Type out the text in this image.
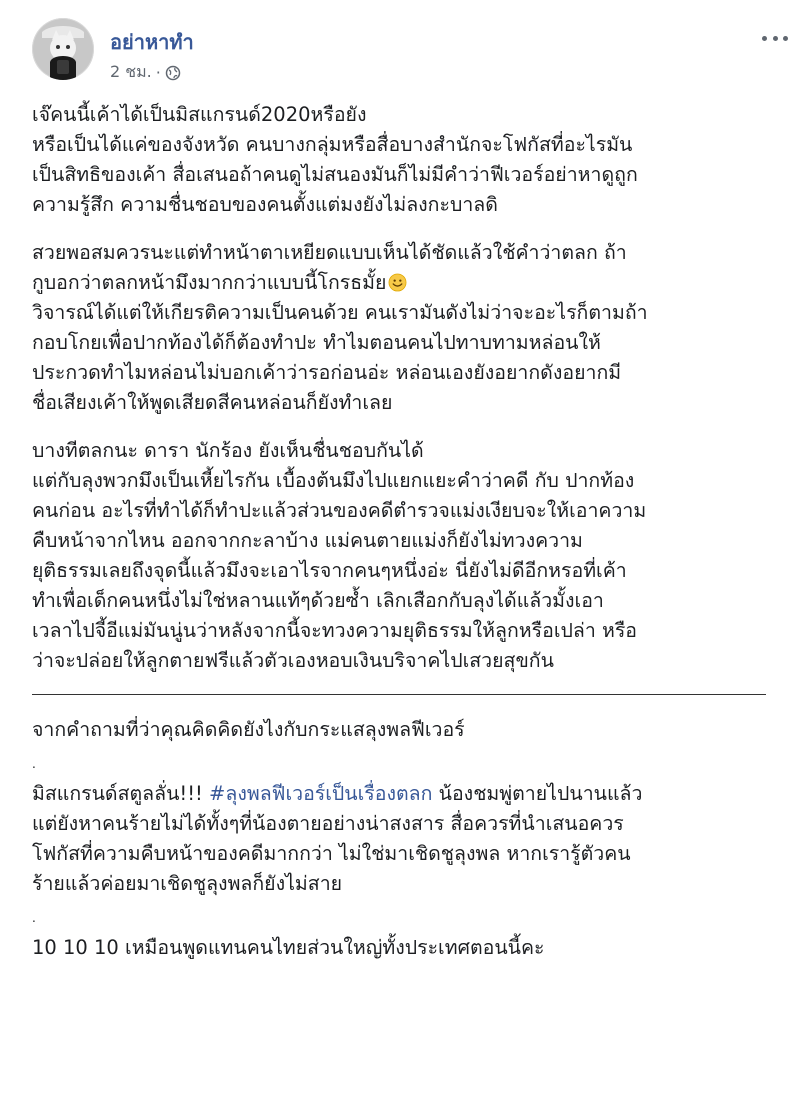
อย่าหาทำ
2 ชม. ·

เจ๊คนนี้เค้าได้เป็นมิสแกรนด์2020หรือยัง
หรือเป็นได้แค่ของจังหวัด คนบางกลุ่มหรือสื่อบางสำนักจะโฟกัสที่อะไรมัน
เป็นสิทธิของเค้า สื่อเสนอถ้าคนดูไม่สนองมันก็ไม่มีคำว่าฟีเวอร์อย่าหาดูถูก
ความรู้สึก ความชื่นชอบของคนตั้งแต่มงยังไม่ลงกะบาลดิ

สวยพอสมควรนะแต่ทำหน้าตาเหยียดแบบเห็นได้ชัดแล้วใช้คำว่าตลก ถ้า
กูบอกว่าตลกหน้ามึงมากกว่าแบบนี้โกรธมั้ย
วิจารณ์ได้แต่ให้เกียรติความเป็นคนด้วย คนเรามันดังไม่ว่าจะอะไรก็ตามถ้า
กอบโกยเพื่อปากท้องได้ก็ต้องทำปะ ทำไมตอนคนไปทาบทามหล่อนให้
ประกวดทำไมหล่อนไม่บอกเค้าว่ารอก่อนอ่ะ หล่อนเองยังอยากดังอยากมี
ชื่อเสียงเค้าให้พูดเสียดสีคนหล่อนก็ยังทำเลย

บางทีตลกนะ ดารา นักร้อง ยังเห็นชื่นชอบกันได้
แต่กับลุงพวกมึงเป็นเหี้ยไรกัน เบื้องต้นมึงไปแยกแยะคำว่าคดี กับ ปากท้อง
คนก่อน อะไรที่ทำได้ก็ทำปะแล้วส่วนของคดีตำรวจแม่งเงียบจะให้เอาความ
คืบหน้าจากไหน ออกจากกะลาบ้าง แม่คนตายแม่งก็ยังไม่ทวงความ
ยุติธรรมเลยถึงจุดนี้แล้วมึงจะเอาไรจากคนๆหนึ่งอ่ะ นี่ยังไม่ดีอีกหรอที่เค้า
ทำเพื่อเด็กคนหนึ่งไม่ใช่หลานแท้ๆด้วยซ้ำ เลิกเสือกกับลุงได้แล้วมั้งเอา
เวลาไปจี้อีแม่มันนู่นว่าหลังจากนี้จะทวงความยุติธรรมให้ลูกหรือเปล่า หรือ
ว่าจะปล่อยให้ลูกตายฟรีแล้วตัวเองหอบเงินบริจาคไปเสวยสุขกัน

จากคำถามที่ว่าคุณคิดคิดยังไงกับกระแสลุงพลฟีเวอร์

.

มิสแกรนด์สตูลลั่น!!! #ลุงพลฟีเวอร์เป็นเรื่องตลก น้องชมพู่ตายไปนานแล้ว
แต่ยังหาคนร้ายไม่ได้ทั้งๆที่น้องตายอย่างน่าสงสาร สื่อควรที่นำเสนอควร
โฟกัสที่ความคืบหน้าของคดีมากกว่า ไม่ใช่มาเชิดชูลุงพล หากเรารู้ตัวคน
ร้ายแล้วค่อยมาเชิดชูลุงพลก็ยังไม่สาย

.

10 10 10 เหมือนพูดแทนคนไทยส่วนใหญ่ทั้งประเทศตอนนี้คะ
